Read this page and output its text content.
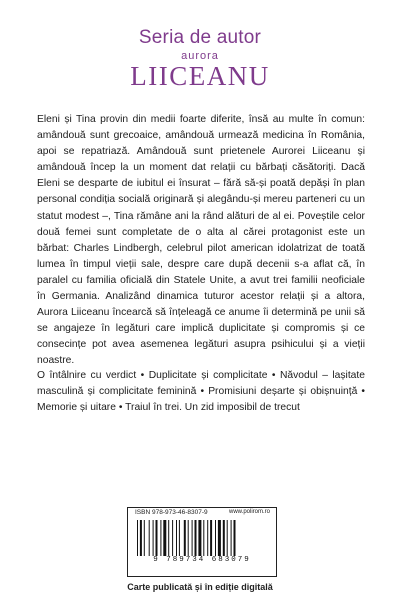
Seria de autor
aurora
LIICEANU

Eleni și Tina provin din medii foarte diferite, însă au multe în comun: amândouă sunt grecoaice, amândouă urmează medicina în România, apoi se repatriază. Amândouă sunt prietenele Aurorei Liiceanu și amândouă încep la un moment dat relații cu bărbați căsătoriți. Dacă Eleni se desparte de iubitul ei însurat – fără să-și poată depăși în plan personal condiția socială originară și alegându-și mereu parteneri cu un statut modest –, Tina rămâne ani la rând alături de al ei. Poveștile celor două femei sunt completate de o alta al cărei protagonist este un bărbat: Charles Lindbergh, celebrul pilot american idolatrizat de toată lumea în timpul vieții sale, despre care după decenii s-a aflat că, în paralel cu familia oficială din Statele Unite, a avut trei familii neoficiale în Germania. Analizând dinamica tuturor acestor relații și a altora, Aurora Liiceanu încearcă să înțeleagă ce anume îi determină pe unii să se angajeze în legături care implică duplicitate și compromis și ce consecințe pot avea asemenea legături asupra psihicului și a vieții noastre.

O întâlnire cu verdict • Duplicitate și complicitate • Năvodul – lașitate masculină și complicitate feminină • Promisiuni deșarte și obișnuință • Memorie și uitare • Traiul în trei. Un zid imposibil de trecut

ISBN 978-973-46-8307-9	www.polirom.ro
9 789734 683079
Carte publicată și în ediție digitală
